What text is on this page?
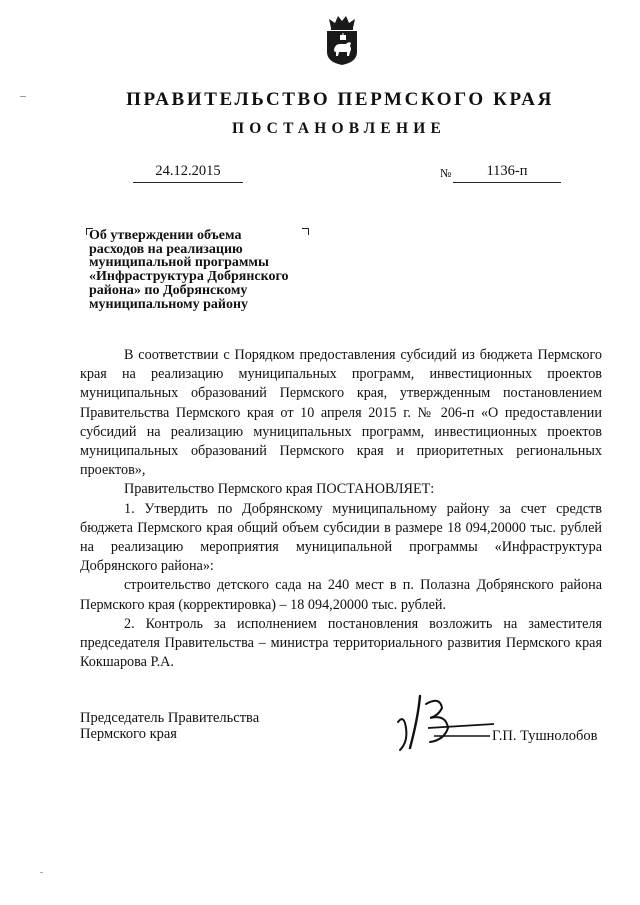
ПРАВИТЕЛЬСТВО ПЕРМСКОГО КРАЯ
ПОСТАНОВЛЕНИЕ
24.12.2015	№	1136-п
Об утверждении объема
расходов на реализацию
муниципальной программы
«Инфраструктура Добрянского
района» по Добрянскому
муниципальному району

В соответствии с Порядком предоставления субсидий из бюджета Пермского края на реализацию муниципальных программ, инвестиционных проектов муниципальных образований Пермского края, утвержденным постановлением Правительства Пермского края от 10 апреля 2015 г. № 206-п «О предоставлении субсидий на реализацию муниципальных программ, инвестиционных проектов муниципальных образований Пермского края и приоритетных региональных проектов»,

Правительство Пермского края ПОСТАНОВЛЯЕТ:

1. Утвердить по Добрянскому муниципальному району за счет средств бюджета Пермского края общий объем субсидии в размере 18 094,20000 тыс. рублей на реализацию мероприятия муниципальной программы «Инфраструктура Добрянского района»:

строительство детского сада на 240 мест в п. Полазна Добрянского района Пермского края (корректировка) – 18 094,20000 тыс. рублей.

2. Контроль за исполнением постановления возложить на заместителя председателя Правительства – министра территориального развития Пермского края Кокшарова Р.А.

Председатель Правительства
Пермского края	Г.П. Тушнолобов
